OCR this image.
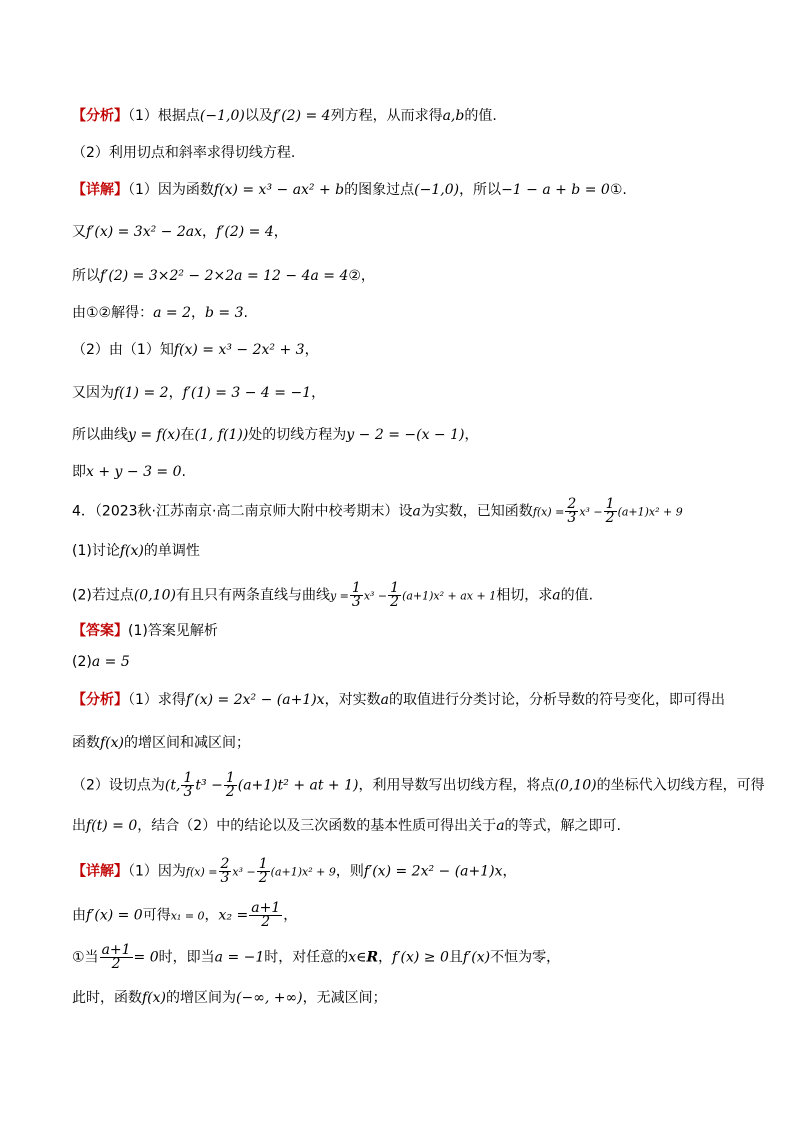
【分析】（1）根据点(−1,0)以及f′(2) = 4列方程，从而求得a,b的值.
（2）利用切点和斜率求得切线方程.
【详解】（1）因为函数f(x) = x³ − ax² + b的图象过点(−1,0)，所以−1 − a + b = 0①.
又f′(x) = 3x² − 2ax，f′(2) = 4，
所以f′(2) = 3×2² − 2×2a = 12 − 4a = 4②，
由①②解得：a = 2，b = 3.
（2）由（1）知f(x) = x³ − 2x² + 3，
又因为f(1) = 2，f′(1) = 3 − 4 = −1，
所以曲线y = f(x)在(1, f(1))处的切线方程为y − 2 = −(x − 1)，
即x + y − 3 = 0.
4．（2023秋·江苏南京·高二南京师大附中校考期末）设a为实数，已知函数$f(x) = \frac{2}{3} x^3 - \frac{1}{2} (a+1)x^2 + 9$
(1)讨论f(x)的单调性
(2)若过点(0,10)有且只有两条直线与曲线$y = \frac{1}{3} x^3 - \frac{1}{2} (a+1)x^2$ + ax + 1相切，求a的值.
【答案】(1)答案见解析
(2)a = 5
【分析】（1）求得f′(x) = 2x² − (a+1)x，对实数a的取值进行分类讨论，分析导数的符号变化，即可得出
函数f(x)的增区间和减区间；
（2）设切点为(t, $\frac{1}{3} t^3 - \frac{1}{2} (a+1)t^2$ + at + 1)，利用导数写出切线方程，将点(0,10)的坐标代入切线方程，可得
出f(t) = 0，结合（2）中的结论以及三次函数的基本性质可得出关于a的等式，解之即可.
【详解】（1）因为$f(x) = \frac{2}{3} x^3 - \frac{1}{2} (a+1)x^2 + 9$，则f′(x) = 2x² − (a+1)x，
由f′(x) = 0可得x₁ = 0，$x_2 = \frac{a+1}{2}$ ，
①当 $\frac{a+1}{2} = 0$时，即当a = −1时，对任意的x∈R，f′(x) ≥ 0且f′(x)不恒为零，
此时，函数f(x)的增区间为(−∞, +∞)，无减区间；
